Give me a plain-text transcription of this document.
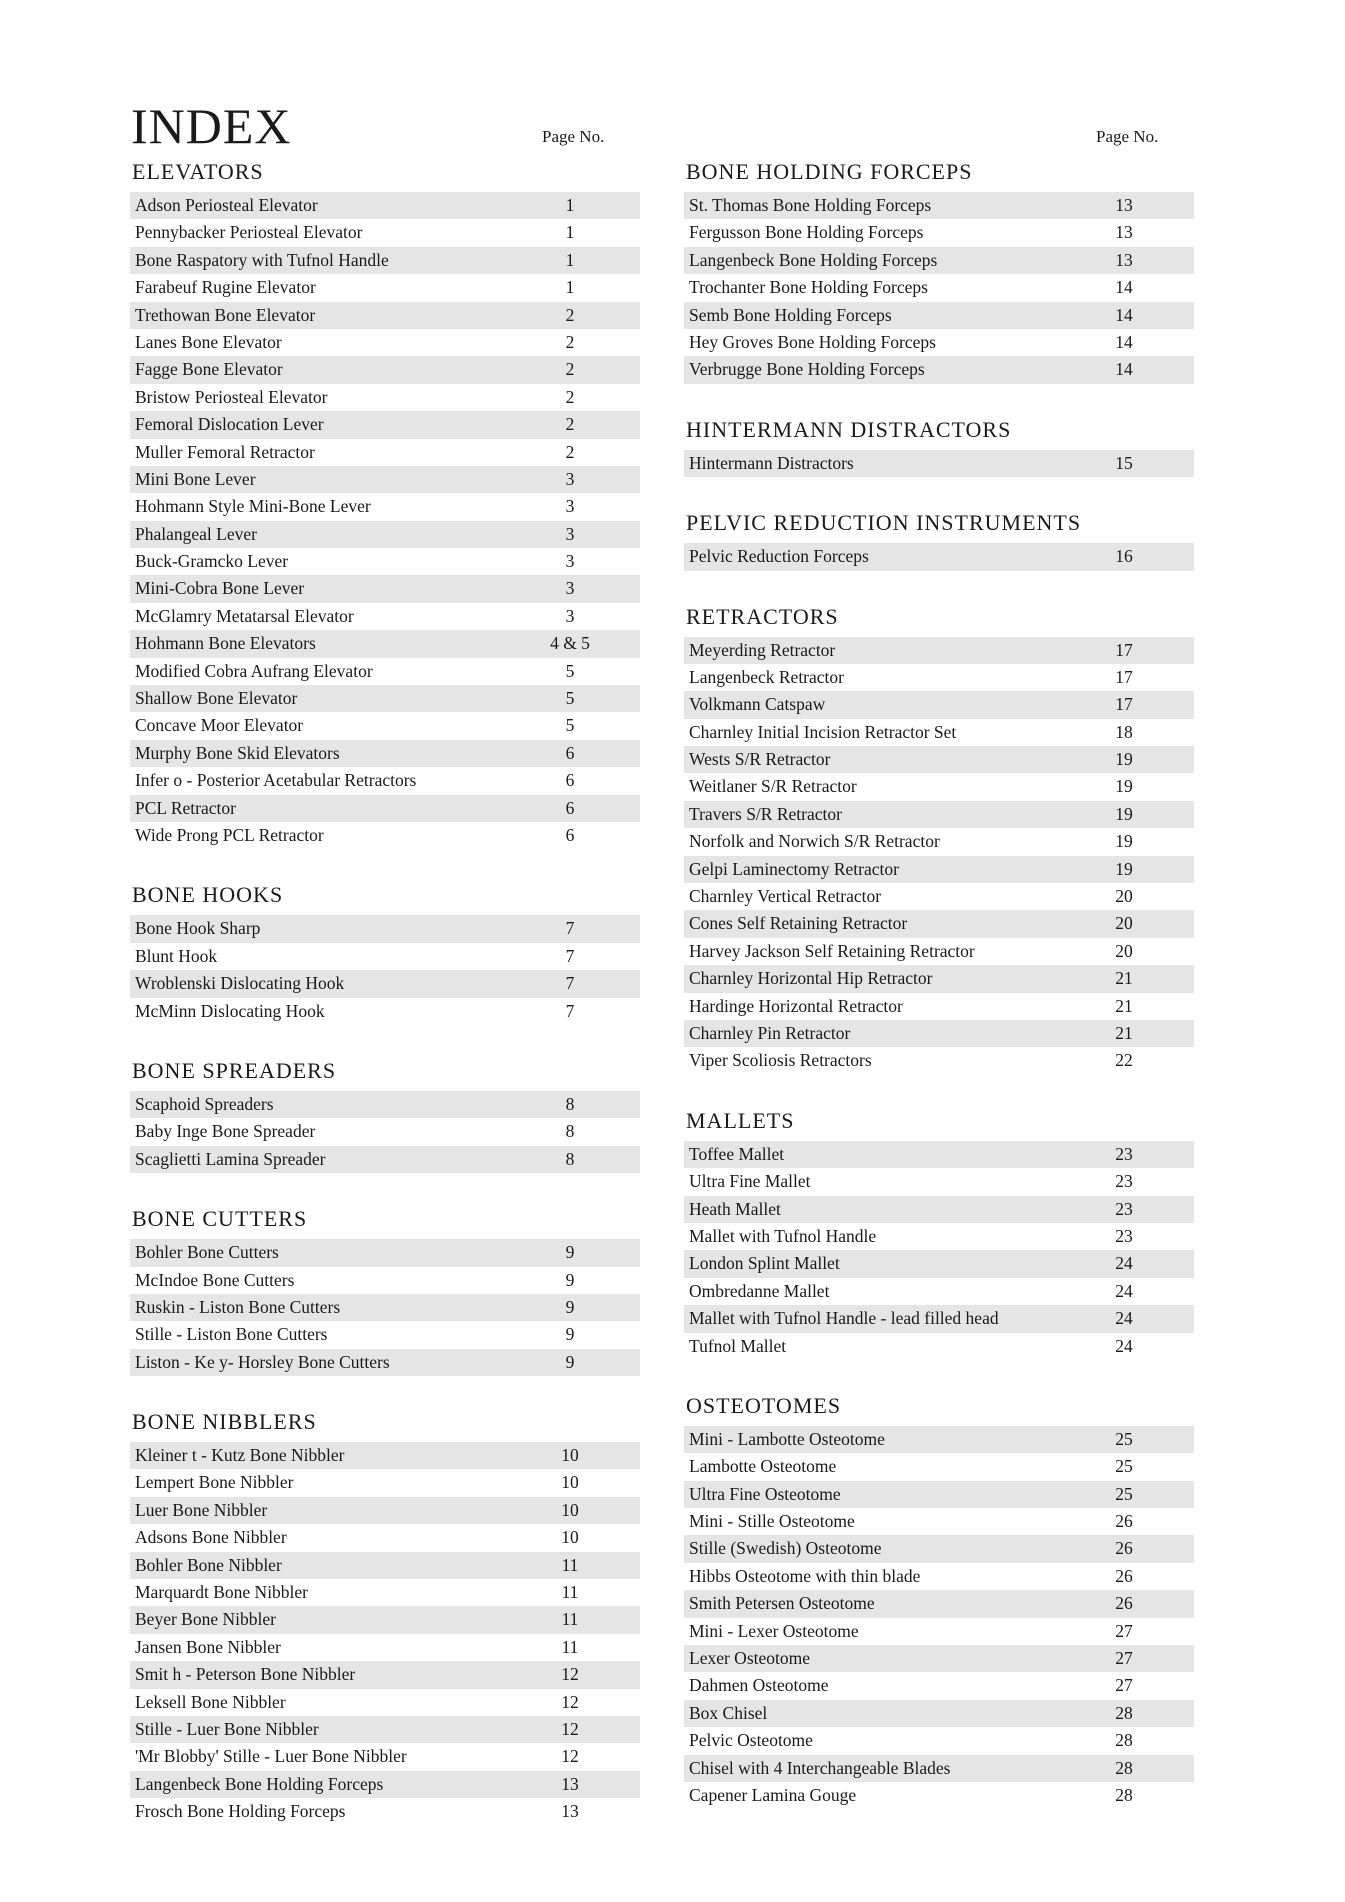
INDEX	Page No.	Page No.
ELEVATORS
Adson Periosteal Elevator	1
Pennybacker Periosteal Elevator	1
Bone Raspatory with Tufnol Handle	1
Farabeuf Rugine Elevator	1
Trethowan Bone Elevator	2
Lanes Bone Elevator	2
Fagge Bone Elevator	2
Bristow Periosteal Elevator	2
Femoral Dislocation Lever	2
Muller Femoral Retractor	2
Mini Bone Lever	3
Hohmann Style Mini-Bone Lever	3
Phalangeal Lever	3
Buck-Gramcko Lever	3
Mini-Cobra Bone Lever	3
McGlamry Metatarsal Elevator	3
Hohmann Bone Elevators	4 & 5
Modified Cobra Aufrang Elevator	5
Shallow Bone Elevator	5
Concave Moor Elevator	5
Murphy Bone Skid Elevators	6
Infer o - Posterior Acetabular Retractors	6
PCL Retractor	6
Wide Prong PCL Retractor	6
BONE HOOKS
Bone Hook Sharp	7
Blunt Hook	7
Wroblenski Dislocating Hook	7
McMinn Dislocating Hook	7
BONE SPREADERS
Scaphoid Spreaders	8
Baby Inge Bone Spreader	8
Scaglietti Lamina Spreader	8
BONE CUTTERS
Bohler Bone Cutters	9
McIndoe Bone Cutters	9
Ruskin - Liston Bone Cutters	9
Stille - Liston Bone Cutters	9
Liston - Ke y- Horsley Bone Cutters	9
BONE NIBBLERS
Kleiner t - Kutz Bone Nibbler	10
Lempert Bone Nibbler	10
Luer Bone Nibbler	10
Adsons Bone Nibbler	10
Bohler Bone Nibbler	11
Marquardt Bone Nibbler	11
Beyer Bone Nibbler	11
Jansen Bone Nibbler	11
Smit h - Peterson Bone Nibbler	12
Leksell Bone Nibbler	12
Stille - Luer Bone Nibbler	12
'Mr Blobby' Stille - Luer Bone Nibbler	12
Langenbeck Bone Holding Forceps	13
Frosch Bone Holding Forceps	13
BONE HOLDING FORCEPS
St. Thomas Bone Holding Forceps	13
Fergusson Bone Holding Forceps	13
Langenbeck Bone Holding Forceps	13
Trochanter Bone Holding Forceps	14
Semb Bone Holding Forceps	14
Hey Groves Bone Holding Forceps	14
Verbrugge Bone Holding Forceps	14
HINTERMANN DISTRACTORS
Hintermann Distractors	15
PELVIC REDUCTION INSTRUMENTS
Pelvic Reduction Forceps	16
RETRACTORS
Meyerding Retractor	17
Langenbeck Retractor	17
Volkmann Catspaw	17
Charnley Initial Incision Retractor Set	18
Wests S/R Retractor	19
Weitlaner S/R Retractor	19
Travers S/R Retractor	19
Norfolk and Norwich S/R Retractor	19
Gelpi Laminectomy Retractor	19
Charnley Vertical Retractor	20
Cones Self Retaining Retractor	20
Harvey Jackson Self Retaining Retractor	20
Charnley Horizontal Hip Retractor	21
Hardinge Horizontal Retractor	21
Charnley Pin Retractor	21
Viper Scoliosis Retractors	22
MALLETS
Toffee Mallet	23
Ultra Fine Mallet	23
Heath Mallet	23
Mallet with Tufnol Handle	23
London Splint Mallet	24
Ombredanne Mallet	24
Mallet with Tufnol Handle - lead filled head	24
Tufnol Mallet	24
OSTEOTOMES
Mini - Lambotte Osteotome	25
Lambotte Osteotome	25
Ultra Fine Osteotome	25
Mini - Stille Osteotome	26
Stille (Swedish) Osteotome	26
Hibbs Osteotome with thin blade	26
Smith Petersen Osteotome	26
Mini - Lexer Osteotome	27
Lexer Osteotome	27
Dahmen Osteotome	27
Box Chisel	28
Pelvic Osteotome	28
Chisel with 4 Interchangeable Blades	28
Capener Lamina Gouge	28
